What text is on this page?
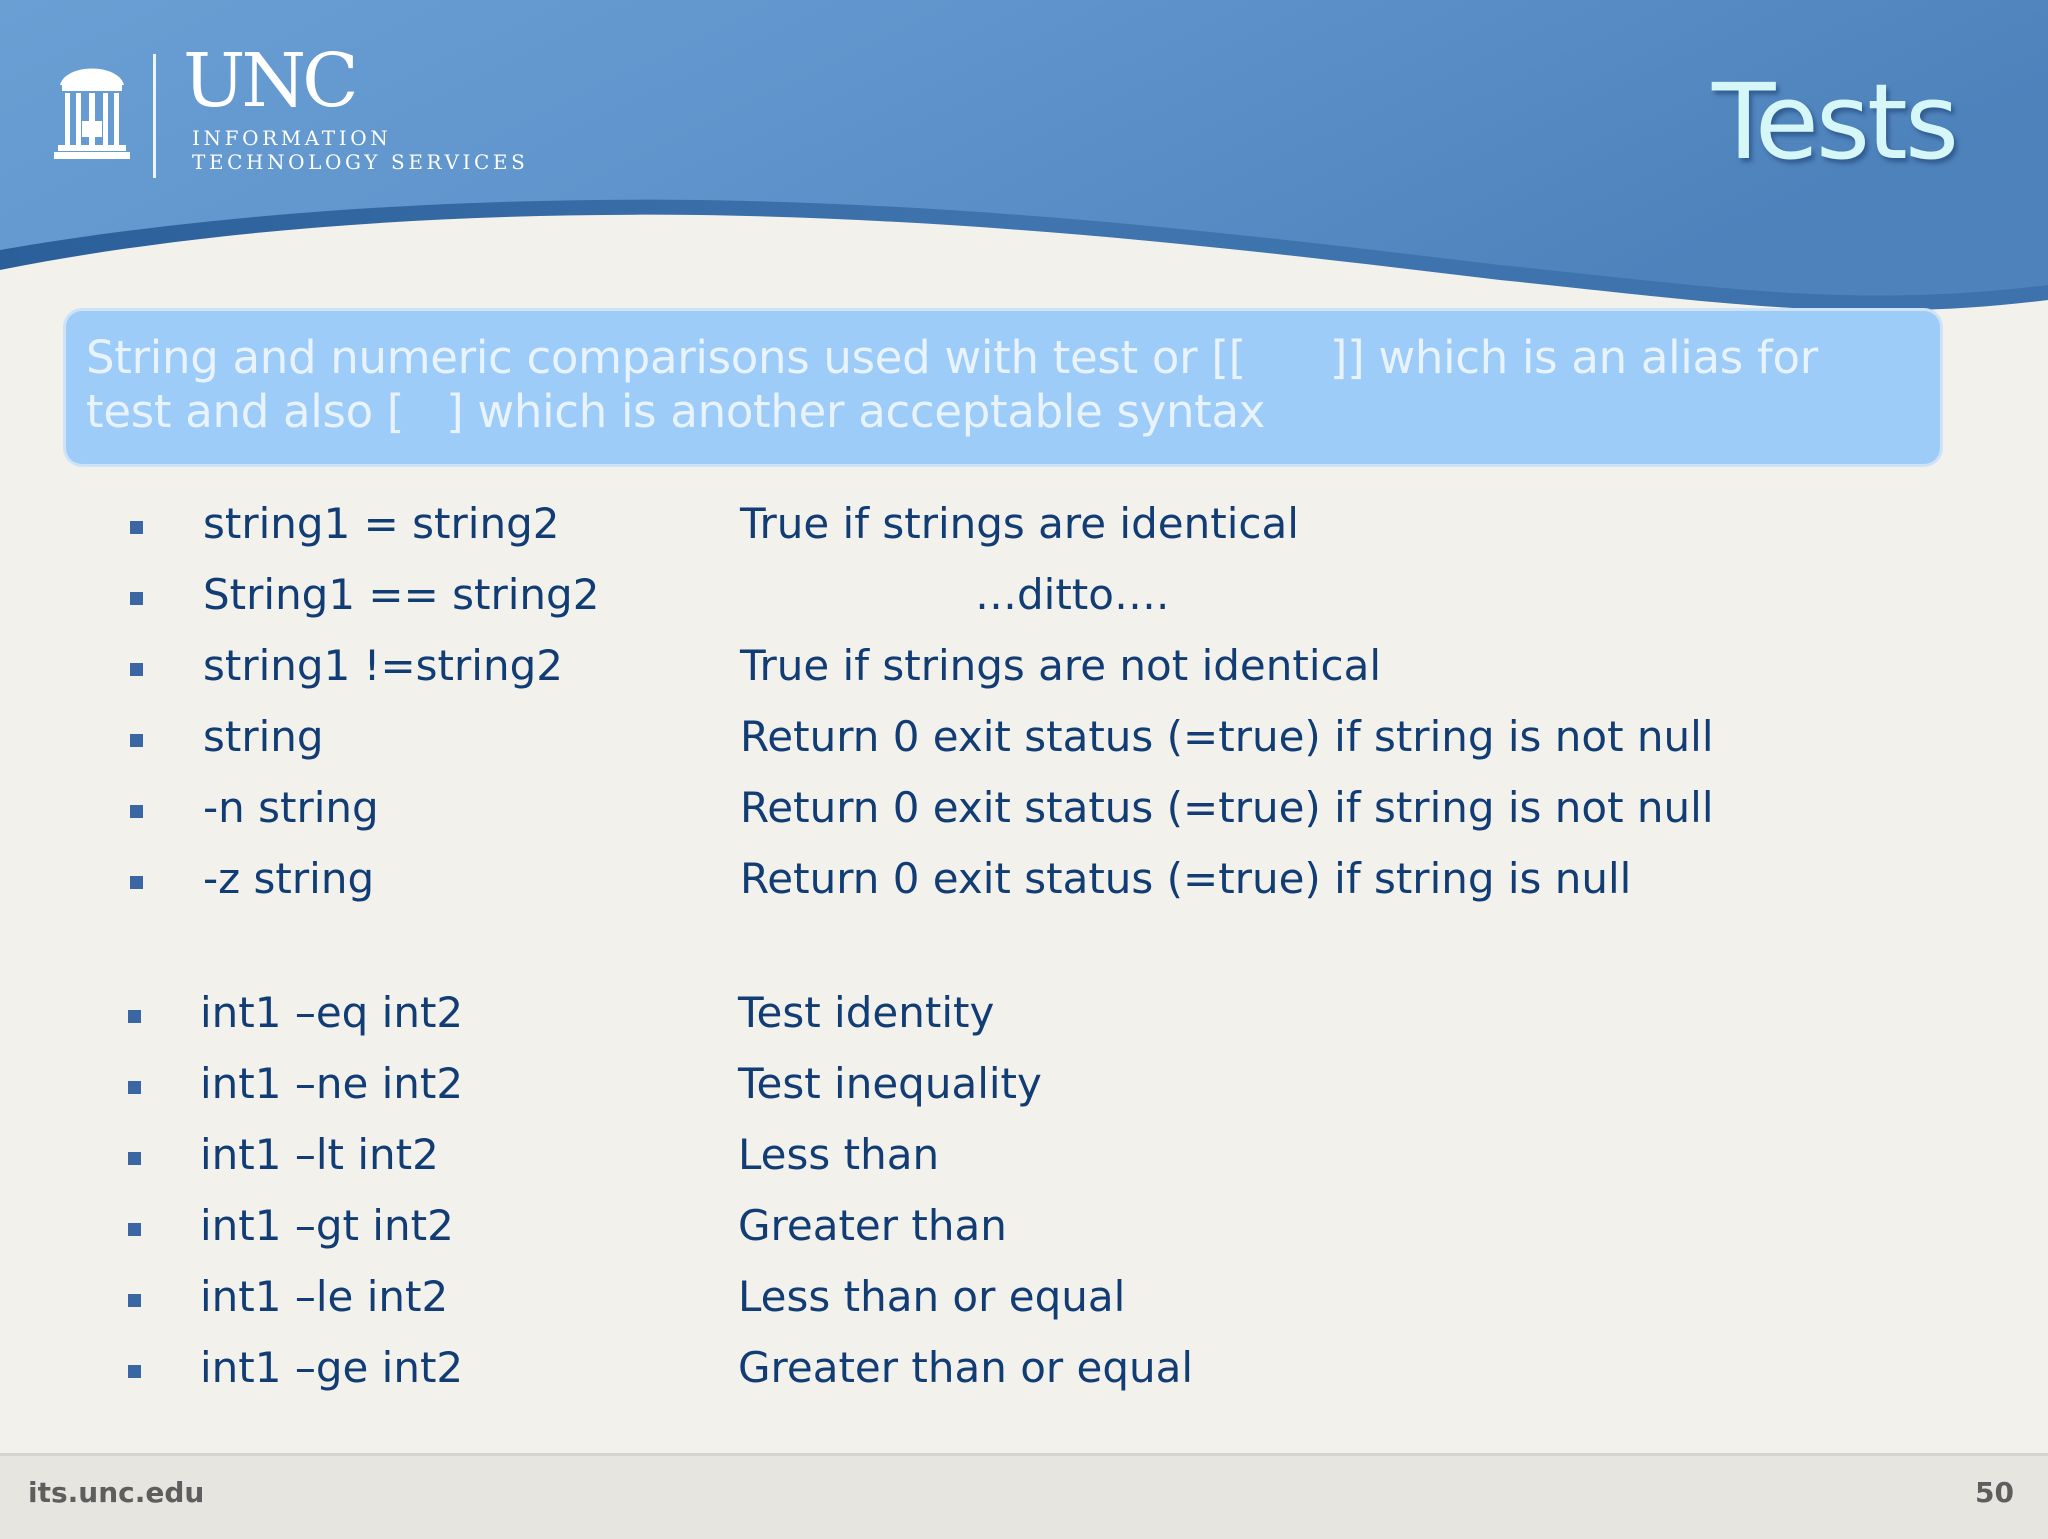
UNC
INFORMATION
TECHNOLOGY SERVICES	Tests
String and numeric comparisons used with test or [[      ]] which is an alias for
test and also [   ] which is another acceptable syntax
string1 = string2	True if strings are identical
String1 == string2	…ditto….
string1 !=string2	True if strings are not identical
string	Return 0 exit status (=true) if string is not null
-n string	Return 0 exit status (=true) if string is not null
-z string	Return 0 exit status (=true) if string is null
int1 –eq int2	Test identity
int1 –ne int2	Test inequality
int1 –lt int2	Less than
int1 –gt int2	Greater than
int1 –le int2	Less than or equal
int1 –ge int2	Greater than or equal
its.unc.edu	50
